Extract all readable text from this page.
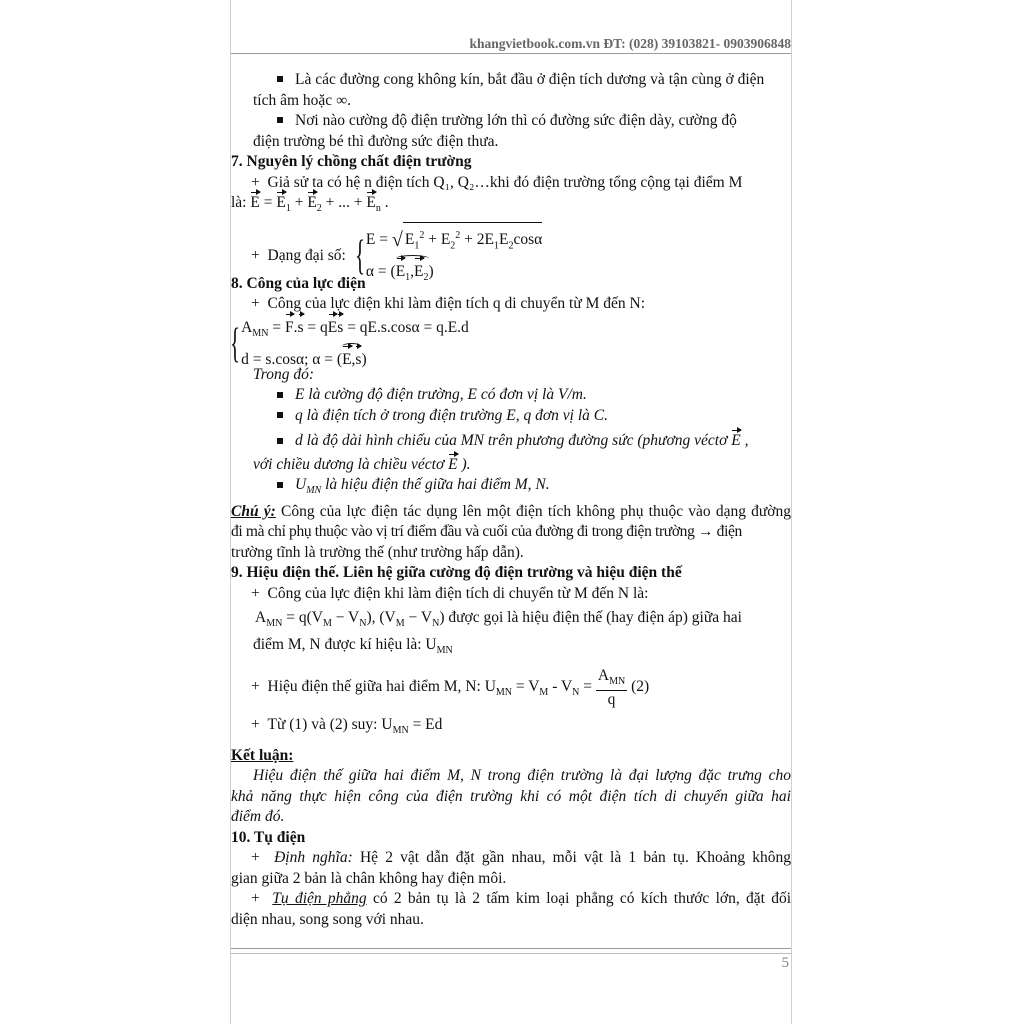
khangvietbook.com.vn ĐT: (028) 39103821- 0903906848
Là các đường cong không kín, bắt đầu ở điện tích dương và tận cùng ở điện
tích âm hoặc ∞.
Nơi nào cường độ điện trường lớn thì có đường sức điện dày, cường độ
điện trường bé thì đường sức điện thưa.
7. Nguyên lý chồng chất điện trường
+  Giả sử ta có hệ n điện tích Q₁, Q₂…khi đó điện trường tổng cộng tại điểm M
là: $E = E_1 + E_2$ + ... + $E_n$ .
+  Dạng đại số: { E = √ $E_1^2 + E_2^2 + 2E_1E_2\cos\alpha$
$\alpha = (E_1,E_2)$
8. Công của lực điện
+  Công của lực điện khi làm điện tích q di chuyển từ M đến N:
{ $A_{MN} = F.s$ = qEs = qE.s.cosα = q.E.d
d = s.cosα; α = (E,s)
Trong đó:
E là cường độ điện trường, E có đơn vị là V/m.
q là điện tích ở trong điện trường E, q đơn vị là C.
d là độ dài hình chiếu của MN trên phương đường sức (phương véctơ E ,
với chiều dương là chiều véctơ E ).
$U_{MN}$ là hiệu điện thế giữa hai điểm M, N.
Chú ý: Công của lực điện tác dụng lên một điện tích không phụ thuộc vào dạng đường
đi mà chỉ phụ thuộc vào vị trí điểm đầu và cuối của đường đi trong điện trường → điện
trường tĩnh là trường thế (như trường hấp dẫn).
9. Hiệu điện thế. Liên hệ giữa cường độ điện trường và hiệu điện thế
+  Công của lực điện khi làm điện tích di chuyển từ M đến N là:
$A_{MN} = q(V_M - V_N)$, $(V_M - V_N)$ được gọi là hiệu điện thế (hay điện áp) giữa hai
điểm M, N được kí hiệu là: $U_{MN}$
+  Hiệu điện thế giữa hai điểm M, N: $U_{MN} = V_M - V_N = \frac{A_{MN}}{q} (2)$
+  Từ (1) và (2) suy: $U_{MN} = Ed$
Kết luận:
Hiệu điện thế giữa hai điểm M, N trong điện trường là đại lượng đặc trưng cho
khả năng thực hiện công của điện trường khi có một điện tích di chuyển giữa hai
điểm đó.
10. Tụ điện
+  Định nghĩa: Hệ 2 vật dẫn đặt gần nhau, mỗi vật là 1 bản tụ. Khoảng không
gian giữa 2 bản là chân không hay điện môi.
+  Tụ điện phẳng có 2 bản tụ là 2 tấm kim loại phẳng có kích thước lớn, đặt đối
diện nhau, song song với nhau.
5
